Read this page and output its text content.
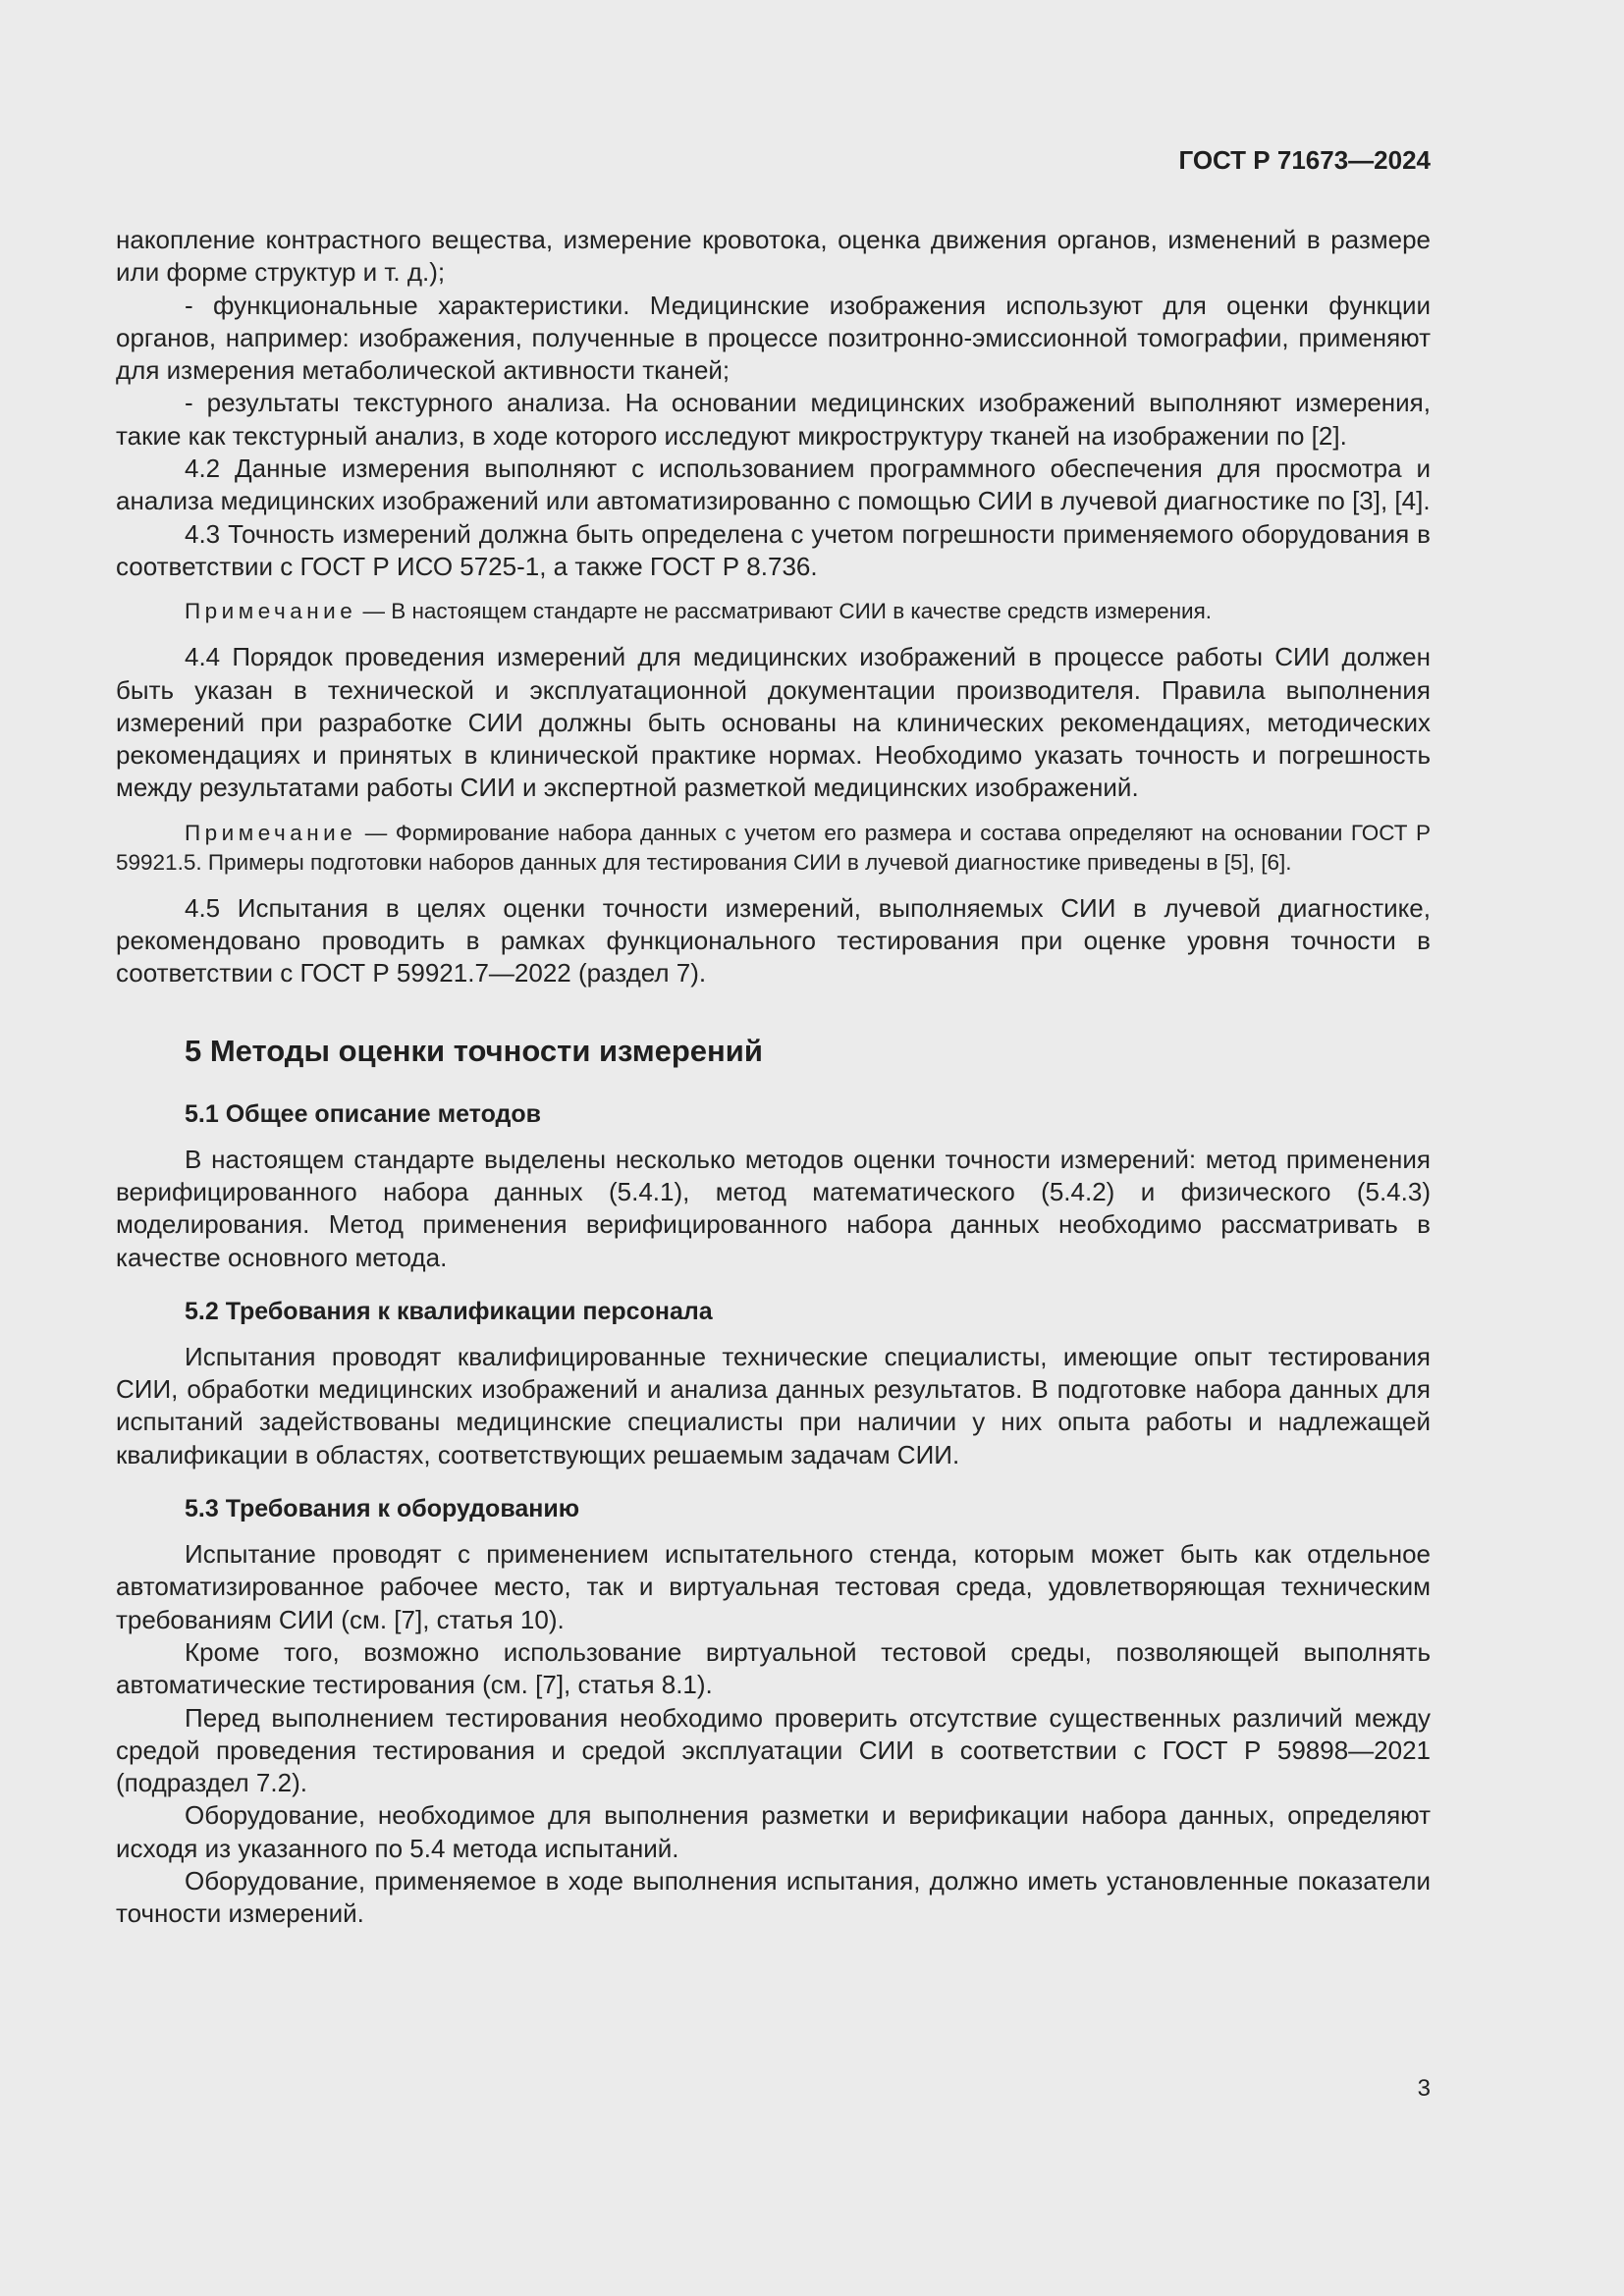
ГОСТ Р 71673—2024

накопление контрастного вещества, измерение кровотока, оценка движения органов, изменений в размере или форме структур и т. д.);

- функциональные характеристики. Медицинские изображения используют для оценки функции органов, например: изображения, полученные в процессе позитронно-эмиссионной томографии, применяют для измерения метаболической активности тканей;

- результаты текстурного анализа. На основании медицинских изображений выполняют измерения, такие как текстурный анализ, в ходе которого исследуют микроструктуру тканей на изображении по [2].

4.2 Данные измерения выполняют с использованием программного обеспечения для просмотра и анализа медицинских изображений или автоматизированно с помощью СИИ в лучевой диагностике по [3], [4].

4.3 Точность измерений должна быть определена с учетом погрешности применяемого оборудования в соответствии с ГОСТ Р ИСО 5725-1, а также ГОСТ Р 8.736.

Примечание — В настоящем стандарте не рассматривают СИИ в качестве средств измерения.

4.4 Порядок проведения измерений для медицинских изображений в процессе работы СИИ должен быть указан в технической и эксплуатационной документации производителя. Правила выполнения измерений при разработке СИИ должны быть основаны на клинических рекомендациях, методических рекомендациях и принятых в клинической практике нормах. Необходимо указать точность и погрешность между результатами работы СИИ и экспертной разметкой медицинских изображений.

Примечание — Формирование набора данных с учетом его размера и состава определяют на основании ГОСТ Р 59921.5. Примеры подготовки наборов данных для тестирования СИИ в лучевой диагностике приведены в [5], [6].

4.5 Испытания в целях оценки точности измерений, выполняемых СИИ в лучевой диагностике, рекомендовано проводить в рамках функционального тестирования при оценке уровня точности в соответствии с ГОСТ Р 59921.7—2022 (раздел 7).

5 Методы оценки точности измерений
5.1 Общее описание методов

В настоящем стандарте выделены несколько методов оценки точности измерений: метод применения верифицированного набора данных (5.4.1), метод математического (5.4.2) и физического (5.4.3) моделирования. Метод применения верифицированного набора данных необходимо рассматривать в качестве основного метода.

5.2 Требования к квалификации персонала

Испытания проводят квалифицированные технические специалисты, имеющие опыт тестирования СИИ, обработки медицинских изображений и анализа данных результатов. В подготовке набора данных для испытаний задействованы медицинские специалисты при наличии у них опыта работы и надлежащей квалификации в областях, соответствующих решаемым задачам СИИ.

5.3 Требования к оборудованию

Испытание проводят с применением испытательного стенда, которым может быть как отдельное автоматизированное рабочее место, так и виртуальная тестовая среда, удовлетворяющая техническим требованиям СИИ (см. [7], статья 10).

Кроме того, возможно использование виртуальной тестовой среды, позволяющей выполнять автоматические тестирования (см. [7], статья 8.1).

Перед выполнением тестирования необходимо проверить отсутствие существенных различий между средой проведения тестирования и средой эксплуатации СИИ в соответствии с ГОСТ Р 59898—2021 (подраздел 7.2).

Оборудование, необходимое для выполнения разметки и верификации набора данных, определяют исходя из указанного по 5.4 метода испытаний.

Оборудование, применяемое в ходе выполнения испытания, должно иметь установленные показатели точности измерений.

3
